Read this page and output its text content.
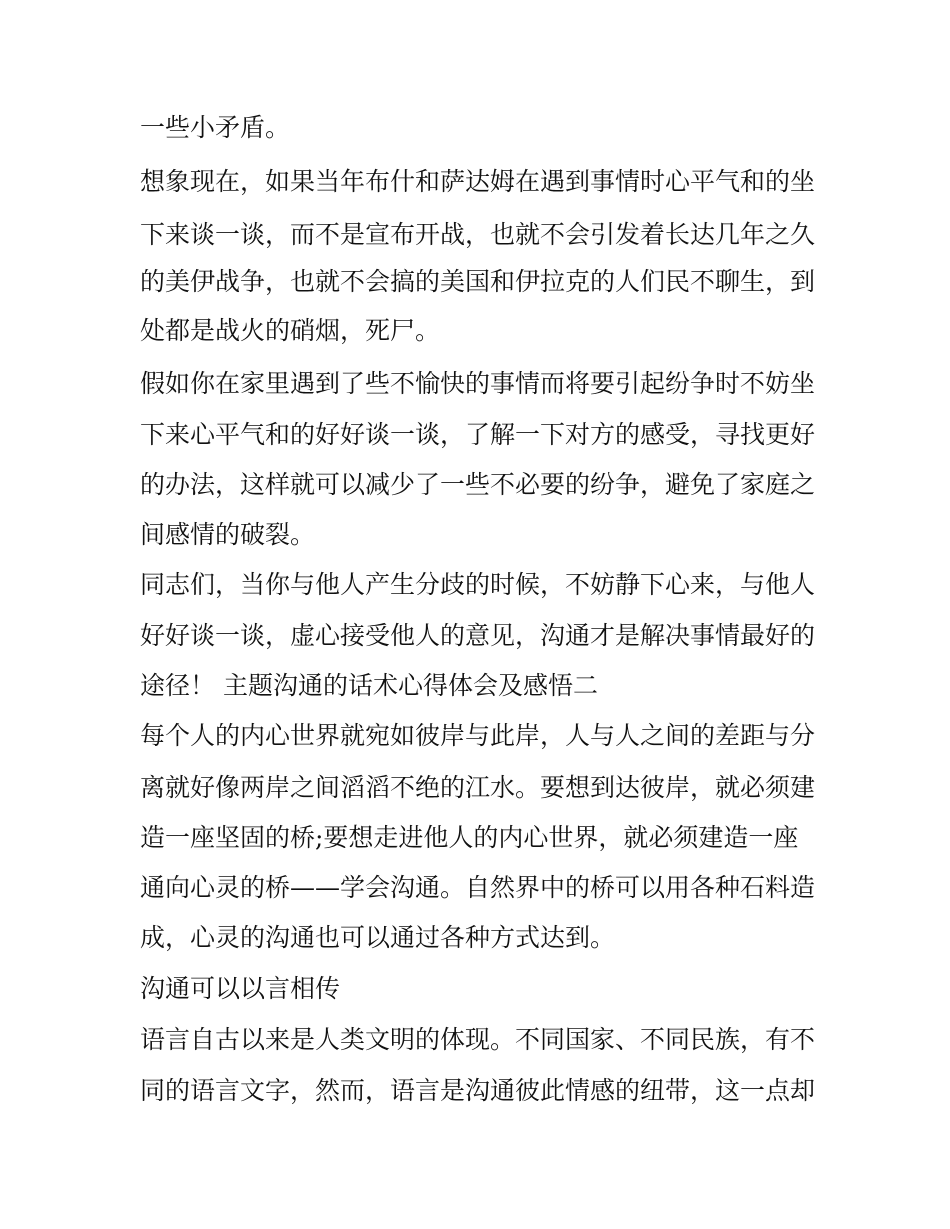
一些小矛盾。
想象现在，如果当年布什和萨达姆在遇到事情时心平气和的坐
下来谈一谈，而不是宣布开战，也就不会引发着长达几年之久
的美伊战争，也就不会搞的美国和伊拉克的人们民不聊生，到
处都是战火的硝烟，死尸。
假如你在家里遇到了些不愉快的事情而将要引起纷争时不妨坐
下来心平气和的好好谈一谈，了解一下对方的感受，寻找更好
的办法，这样就可以减少了一些不必要的纷争，避免了家庭之
间感情的破裂。
同志们，当你与他人产生分歧的时候，不妨静下心来，与他人
好好谈一谈，虚心接受他人的意见，沟通才是解决事情最好的
途径！ 主题沟通的话术心得体会及感悟二
每个人的内心世界就宛如彼岸与此岸，人与人之间的差距与分
离就好像两岸之间滔滔不绝的江水。要想到达彼岸，就必须建
造一座坚固的桥;要想走进他人的内心世界，就必须建造一座
通向心灵的桥——学会沟通。自然界中的桥可以用各种石料造
成，心灵的沟通也可以通过各种方式达到。
沟通可以以言相传
语言自古以来是人类文明的体现。不同国家、不同民族，有不
同的语言文字，然而，语言是沟通彼此情感的纽带，这一点却
